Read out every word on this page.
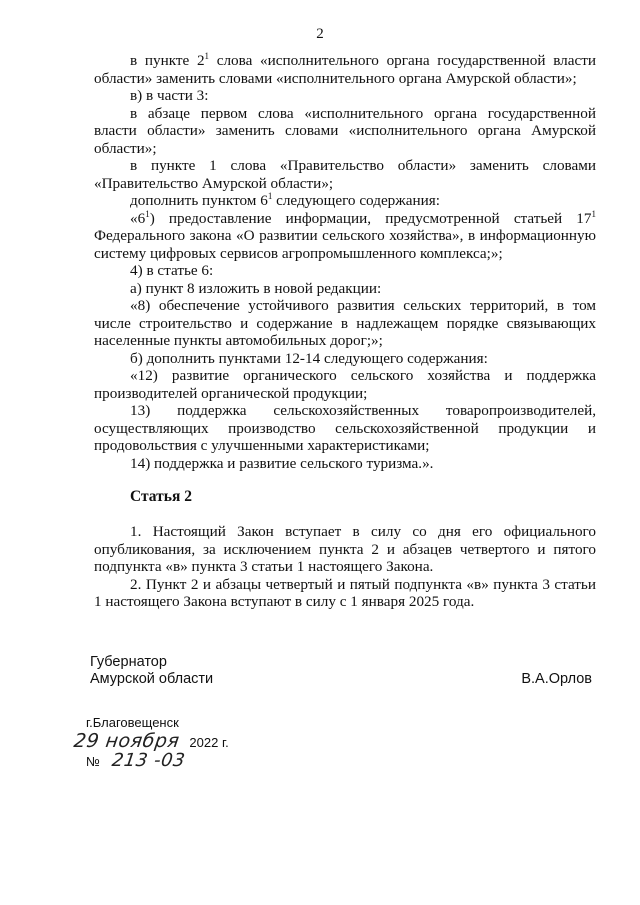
2

в пункте $2^1$ слова «исполнительного органа государственной власти области» заменить словами «исполнительного органа Амурской области»;

в) в части 3:

в абзаце первом слова «исполнительного органа государственной власти области» заменить словами «исполнительного органа Амурской области»;

в пункте 1 слова «Правительство области» заменить словами «Правительство Амурской области»;

дополнить пунктом $6^1$ следующего содержания:

«$6^1$) предоставление информации, предусмотренной статьей $17^1$ Федерального закона «О развитии сельского хозяйства», в информационную систему цифровых сервисов агропромышленного комплекса;»;

4) в статье 6:

а) пункт 8 изложить в новой редакции:

«8) обеспечение устойчивого развития сельских территорий, в том числе строительство и содержание в надлежащем порядке связывающих населенные пункты автомобильных дорог;»;

б) дополнить пунктами 12-14 следующего содержания:

«12) развитие органического сельского хозяйства и поддержка производителей органической продукции;

13) поддержка сельскохозяйственных товаропроизводителей, осуществляющих производство сельскохозяйственной продукции и продовольствия с улучшенными характеристиками;

14) поддержка и развитие сельского туризма.».

Статья 2

1. Настоящий Закон вступает в силу со дня его официального опубликования, за исключением пункта 2 и абзацев четвертого и пятого подпункта «в» пункта 3 статьи 1 настоящего Закона.

2. Пункт 2 и абзацы четвертый и пятый подпункта «в» пункта 3 статьи 1 настоящего Закона вступают в силу с 1 января 2025 года.

Губернатор
Амурской области	В.А.Орлов
г.Благовещенск
29 ноября 2022 г.
№ 213 -03
